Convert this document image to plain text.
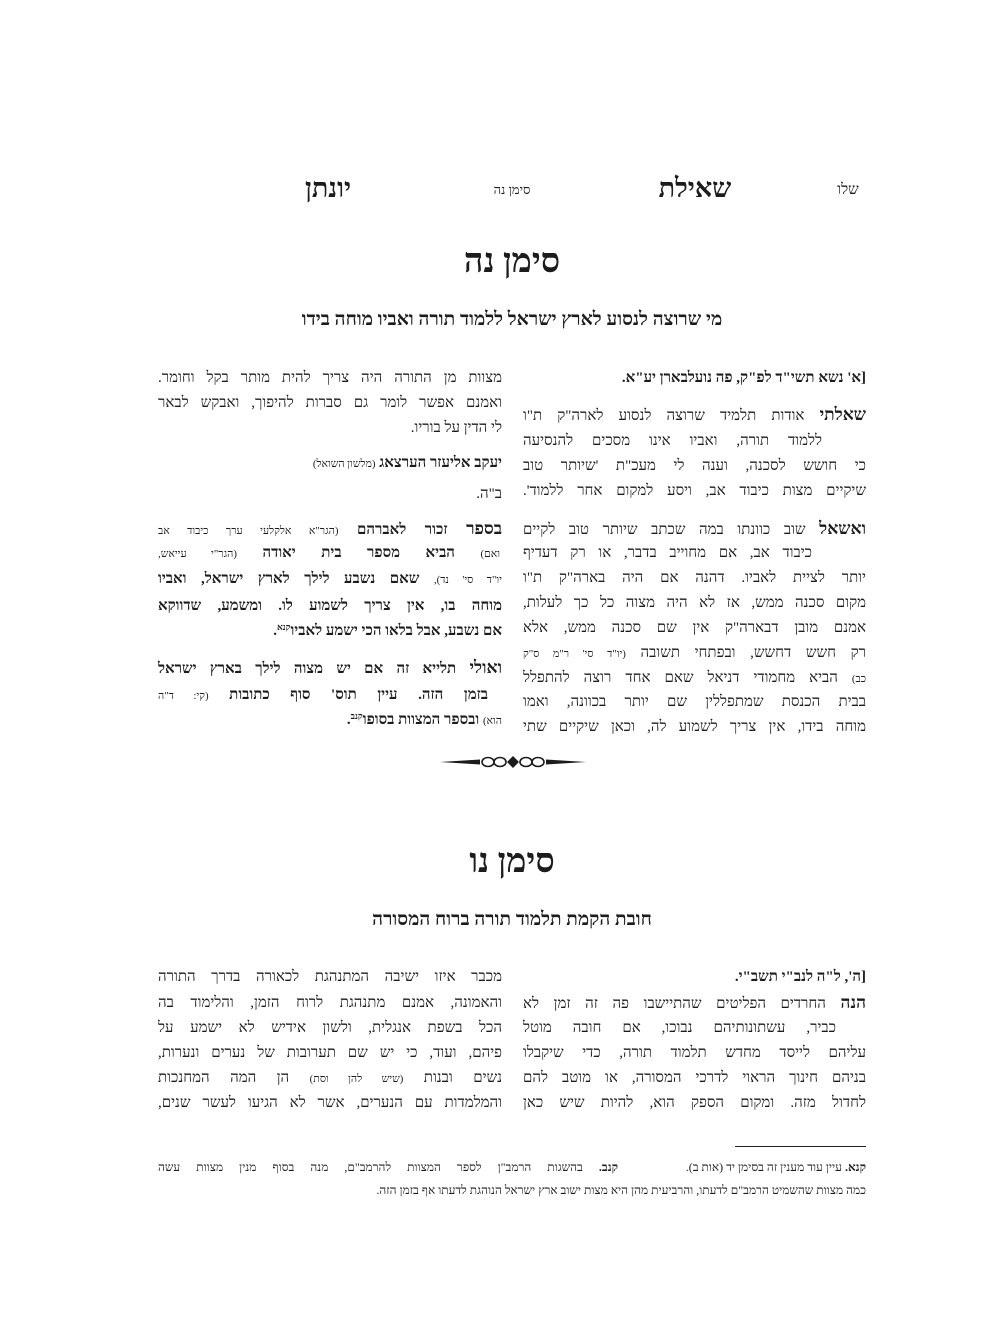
שלו
שאילת
סימן נה
יונתן
סימן נה
מי שרוצה לנסוע לארץ ישראל ללמוד תורה ואביו מוחה בידו
[א' נשא תשי"ד לפ"ק, פה נועלבארן יע"א.
שאלתי אודות תלמיד שרוצה לנסוע לארה"ק ת"ו
ללמוד תורה, ואביו אינו מסכים להנסיעה
כי חושש לסכנה, וענה לי מעכ"ת 'שיותר טוב
שיקיים מצות כיבוד אב, ויסע למקום אחר ללמוד'.
ואשאל שוב כוונתו במה שכתב שיותר טוב לקיים
כיבוד אב, אם מחוייב בדבר, או רק דעדיף
יותר לציית לאביו. דהנה אם היה בארה"ק ת"ו
מקום סכנה ממש, אז לא היה מצוה כל כך לעלות,
אמנם מובן דבארה"ק אין שם סכנה ממש, אלא
רק חשש דחשש, ובפתחי תשובה (יו"ד סי' ר"מ ס"ק
כב) הביא מחמודי דניאל שאם אחד רוצה להתפלל
בבית הכנסת שמתפללין שם יותר בכוונה, ואמו
מוחה בידו, אין צריך לשמוע לה, וכאן שיקיים שתי
מצוות מן התורה היה צריך להית מותר בקל וחומר.
ואמנם אפשר לומר גם סברות להיפוך, ואבקש לבאר
לי הדין על בוריו.
יעקב אליעזר הערצאג (מלשון השואל)
ב"ה.
בספר זכור לאברהם (הגר"א אלקלעי ערך כיבוד אב
ואם) הביא מספר בית יאודה (הגר"י עייאש,
יו"ד סי' נד), שאם נשבע לילך לארץ ישראל, ואביו
מוחה בו, אין צריך לשמוע לו. ומשמע, שדווקא
אם נשבע, אבל בלאו הכי ישמע לאביו$^{קנא}$.
ואולי תלייא זה אם יש מצוה לילך בארץ ישראל
בזמן הזה. עיין תוס' סוף כתובות (קי: ד"ה
הוא) ובספר המצוות בסופו$^{קנב}$.
סימן נו
חובת הקמת תלמוד תורה ברוח המסורה
[ה', ל"ה לנב"י תשב"י.
הנה החרדים הפליטים שהתיישבו פה זה זמן לא
כביר, עשתונותיהם נבוכו, אם חובה מוטל
עליהם לייסד מחדש תלמוד תורה, כדי שיקבלו
בניהם חינוך הראוי לדרכי המסורה, או מוטב להם
לחדול מזה. ומקום הספק הוא, להיות שיש כאן
מכבר איזו ישיבה המתנהגת לכאורה בדרך התורה
והאמונה, אמנם מתנהגת לרוח הזמן, והלימוד בה
הכל בשפת אנגלית, ולשון אידיש לא ישמע על
פיהם, ועוד, כי יש שם תערובות של נערים ונערות,
נשים ובנות (שיש להן וסת) הן המה המחנכות
והמלמדות עם הנערים, אשר לא הגיעו לעשר שנים,
קנא. עיין עוד מענין זה בסימן יד (אות ב).
קנב. בהשגות הרמב"ן לספר המצוות להרמב"ם, מנה בסוף מנין מצוות עשה
כמה מצוות שהשמיט הרמב"ם לדעתו, והרביעית מהן היא מצות ישוב ארץ ישראל הנוהגת לדעתו אף בזמן הזה.
